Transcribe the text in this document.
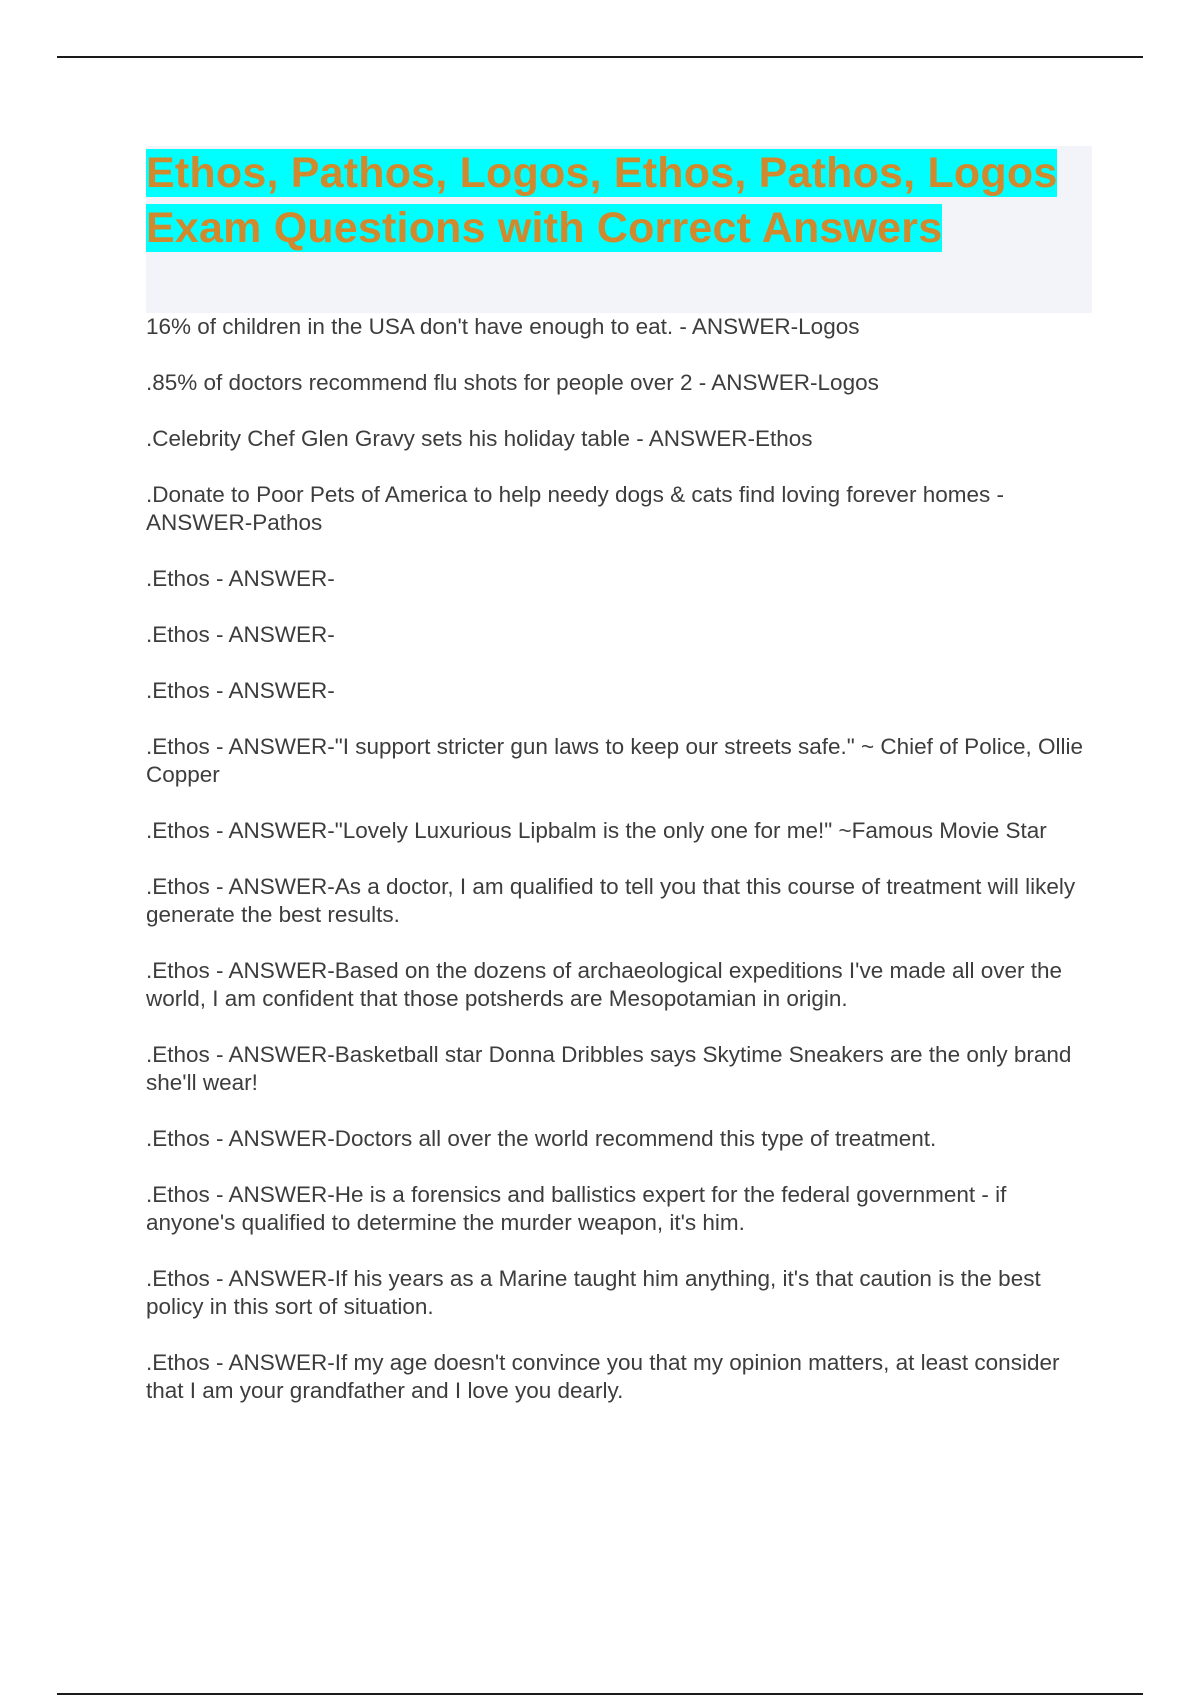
Ethos, Pathos, Logos, Ethos, Pathos, Logos Exam Questions with Correct Answers

16% of children in the USA don't have enough to eat. - ANSWER-Logos

.85% of doctors recommend flu shots for people over 2 - ANSWER-Logos

.Celebrity Chef Glen Gravy sets his holiday table - ANSWER-Ethos

.Donate to Poor Pets of America to help needy dogs & cats find loving forever homes - ANSWER-Pathos

.Ethos - ANSWER-

.Ethos - ANSWER-

.Ethos - ANSWER-

.Ethos - ANSWER-"I support stricter gun laws to keep our streets safe." ~ Chief of Police, Ollie Copper

.Ethos - ANSWER-"Lovely Luxurious Lipbalm is the only one for me!" ~Famous Movie Star

.Ethos - ANSWER-As a doctor, I am qualified to tell you that this course of treatment will likely generate the best results.

.Ethos - ANSWER-Based on the dozens of archaeological expeditions I've made all over the world, I am confident that those potsherds are Mesopotamian in origin.

.Ethos - ANSWER-Basketball star Donna Dribbles says Skytime Sneakers are the only brand she'll wear!

.Ethos - ANSWER-Doctors all over the world recommend this type of treatment.

.Ethos - ANSWER-He is a forensics and ballistics expert for the federal government - if anyone's qualified to determine the murder weapon, it's him.

.Ethos - ANSWER-If his years as a Marine taught him anything, it's that caution is the best policy in this sort of situation.

.Ethos - ANSWER-If my age doesn't convince you that my opinion matters, at least consider that I am your grandfather and I love you dearly.
